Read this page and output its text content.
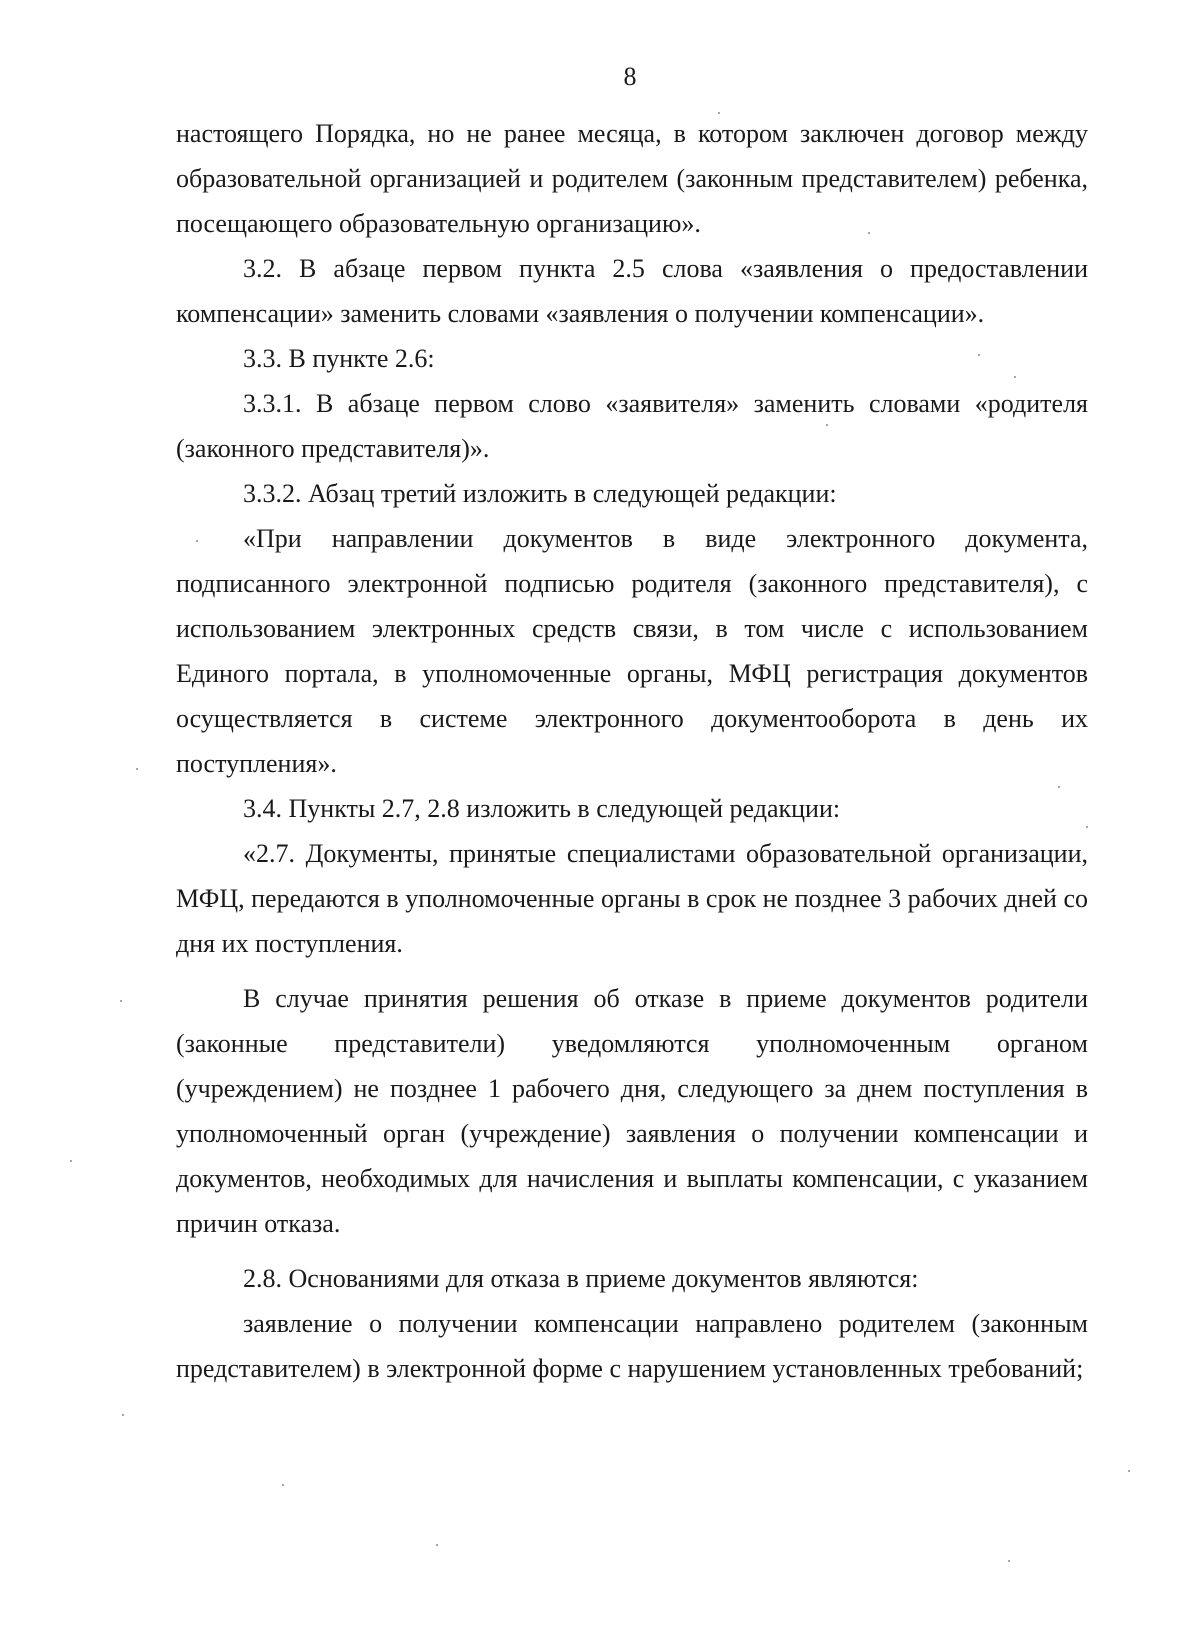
8

настоящего Порядка, но не ранее месяца, в котором заключен договор между образовательной организацией и родителем (законным представителем) ребенка, посещающего образовательную организацию».

3.2. В абзаце первом пункта 2.5 слова «заявления о предоставлении компенсации» заменить словами «заявления о получении компенсации».

3.3. В пункте 2.6:

3.3.1. В абзаце первом слово «заявителя» заменить словами «родителя (законного представителя)».

3.3.2. Абзац третий изложить в следующей редакции:

«При направлении документов в виде электронного документа, подписанного электронной подписью родителя (законного представителя), с использованием электронных средств связи, в том числе с использованием Единого портала, в уполномоченные органы, МФЦ регистрация документов осуществляется в системе электронного документооборота в день их поступления».

3.4. Пункты 2.7, 2.8 изложить в следующей редакции:

«2.7. Документы, принятые специалистами образовательной организации, МФЦ, передаются в уполномоченные органы в срок не позднее 3 рабочих дней со дня их поступления.

В случае принятия решения об отказе в приеме документов родители (законные представители) уведомляются уполномоченным органом (учреждением) не позднее 1 рабочего дня, следующего за днем поступления в уполномоченный орган (учреждение) заявления о получении компенсации и документов, необходимых для начисления и выплаты компенсации, с указанием причин отказа.

2.8. Основаниями для отказа в приеме документов являются:

заявление о получении компенсации направлено родителем (законным представителем) в электронной форме с нарушением установленных требований;
